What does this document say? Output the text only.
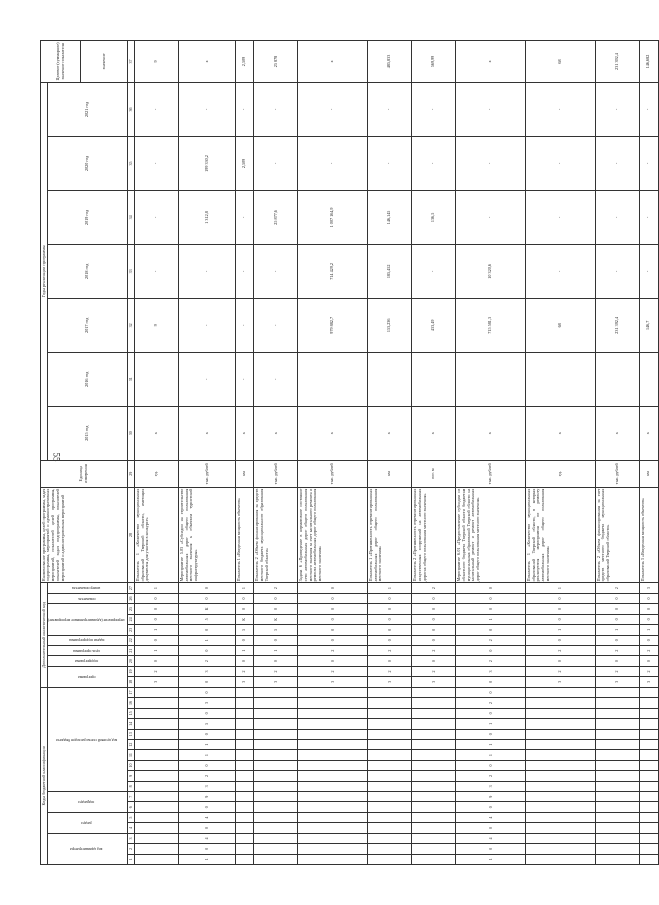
55
Коды бюджетной классификации																	Дополнительный аналитический код										Наименование программы, целей программы, задач подпрограммы, мероприятий и административных мероприятий, показателей целей программы, показателей задач подпрограммы, показателей мероприятий и административных мероприятий	Единица измерения	Годы реализации программы							Целевое (суммарное) значение показателя
код администратора			раздел		подраздел		код целевой статьи расходов бюджета										программа		подпрограмма	цель программы	задачи подпрограммы	мероприятие (административное мероприятие)			показатель	номер показателя			2015 год	2016 год	2017 год	2018 год	2019 год	2020 год	2021 год	
																																				значение
1	2	3	4	5	6	7	8	9	10	11	12	13	14	15	16	17	18	19	20	21	22	23	24	25	26	27	28	29	30	31	32	33	34	35	36	37
																	3	2	0	1	0	1	0	0	0	1	Показатель 1 «Количество муниципальных образований Тверской области, имеющих документы для участия в конкурсе»	ед.	х		9	-	-	-	-	9
1	0	4	0	4	0	9	3	2	0	1	1	0	5	0	3	0	0	3	2	0	1	0	5	К	0	0	Мероприятие 5.03 «Субсидии на строительство автомобильных дорог общего пользования местного значения к объектам туристской инфраструктуры»	тыс. рублей	х	-	-	-	1 312,8	199 330,2	-	х
																	3	2	0	1	0	5	К	0	0	1	Показатель 1 «Введенная мощность объектов»	км	х	-	-	-	-	2,509	-	2,509
																	3	2	0	1	0	5	К	0	0	2	Показатель 2 «Объем финансирования за средств местного бюджета муниципального образования Тверской области»	тыс. рублей	х	-	-	-	25 877,6	-	-	25 878
																	3	2	0	2	0	0	0	0	0	0	Задача 6 «Приведение в нормативное состояние сети автомобильных дорог общего пользования местного значения за счет капитального ремонта и ремонта автомобильных дорог общего пользования местного значения»	тыс. рублей	х		979 882,7	714 429,2	1 007 164,9	-	-	х
																	3	2	0	2	0	0	0	0	0	1	Показатель 1 «Протяженность отремонтированных автомобильных дорог общего пользования местного значения»	км	х		153,236	185,452	146,145	-	-	485,833
																	3	2	0	2	0	0	0	0	0	2	Показатель 2 «Протяженность отремонтированных искусственных сооружений на автомобильных дорогах общего пользования местного значения»	пог. м	х		433,49	-	136,5	-	-	569,99
1	0	4	0	4	0	9	3	2	0	1	1	0	1	0	2	0	0	3	2	0	2	0	1	0	0	0	Мероприятие 6.01 «Предоставление субсидии из областного бюджета Тверской области бюджетам муниципальных образований Тверской области на капитальный ремонт и ремонт автомобильных дорог общего пользования местного значения»	тыс. рублей	х		715 581,3	10 320,6	-	-	-	х
																	3	2	0	2	0	1	0	0	0	1	Показатель 1 «Количество муниципальных образований Тверской области, в которых реализуются мероприятия по ремонту автомобильных дорог общего пользования местного значения»	ед.	х		68	-	-	-	-	68
																	3	2	0	2	0	1	0	0	0	2	Показатель 2 «Объем финансирования за счет средств местного бюджета муниципальных образований Тверской области»	тыс. рублей	х		231 392,4	-	-	-	-	231 392,4
																	3	2	0	2	0	1	0	0	0	3	Показатель 3 «Введенная мощность объектов»	км	х		146,7	-	-	-	-	146,682
